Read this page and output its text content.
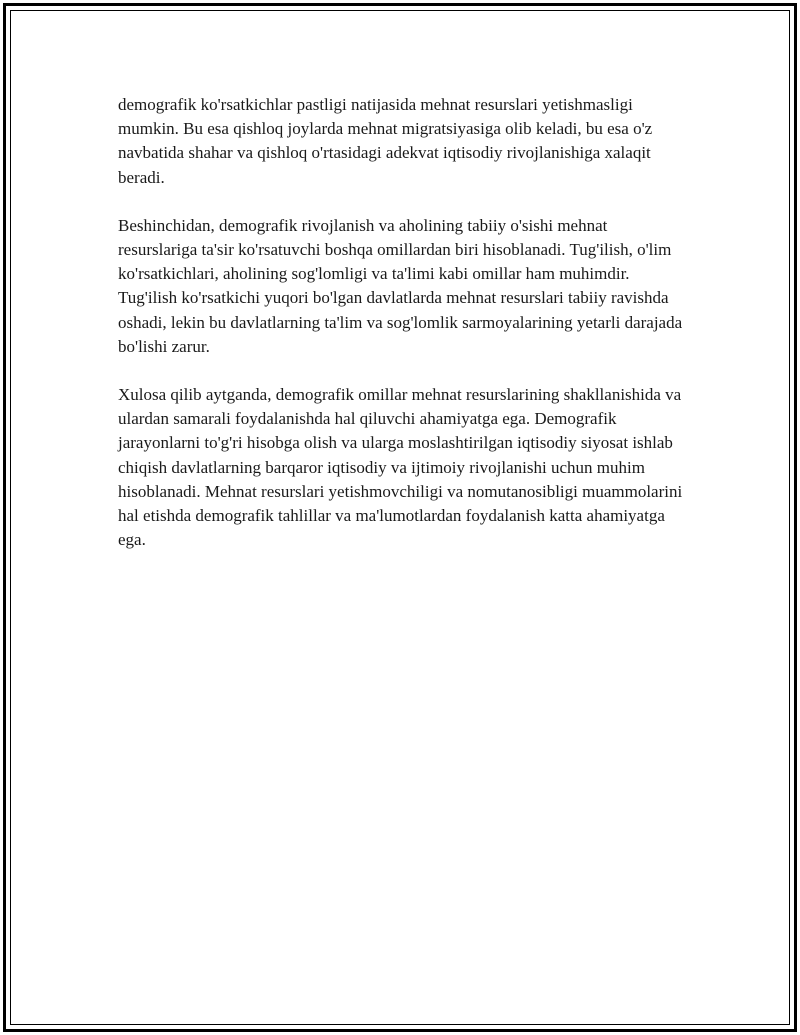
demografik ko'rsatkichlar pastligi natijasida mehnat resurslari yetishmasligi mumkin. Bu esa qishloq joylarda mehnat migratsiyasiga olib keladi, bu esa o'z navbatida shahar va qishloq o'rtasidagi adekvat iqtisodiy rivojlanishiga xalaqit beradi.

Beshinchidan, demografik rivojlanish va aholining tabiiy o'sishi mehnat resurslariga ta'sir ko'rsatuvchi boshqa omillardan biri hisoblanadi. Tug'ilish, o'lim ko'rsatkichlari, aholining sog'lomligi va ta'limi kabi omillar ham muhimdir. Tug'ilish ko'rsatkichi yuqori bo'lgan davlatlarda mehnat resurslari tabiiy ravishda oshadi, lekin bu davlatlarning ta'lim va sog'lomlik sarmoyalarining yetarli darajada bo'lishi zarur.

Xulosa qilib aytganda, demografik omillar mehnat resurslarining shakllanishida va ulardan samarali foydalanishda hal qiluvchi ahamiyatga ega. Demografik jarayonlarni to'g'ri hisobga olish va ularga moslashtirilgan iqtisodiy siyosat ishlab chiqish davlatlarning barqaror iqtisodiy va ijtimoiy rivojlanishi uchun muhim hisoblanadi. Mehnat resurslari yetishmovchiligi va nomutanosibligi muammolarini hal etishda demografik tahlillar va ma'lumotlardan foydalanish katta ahamiyatga ega.
